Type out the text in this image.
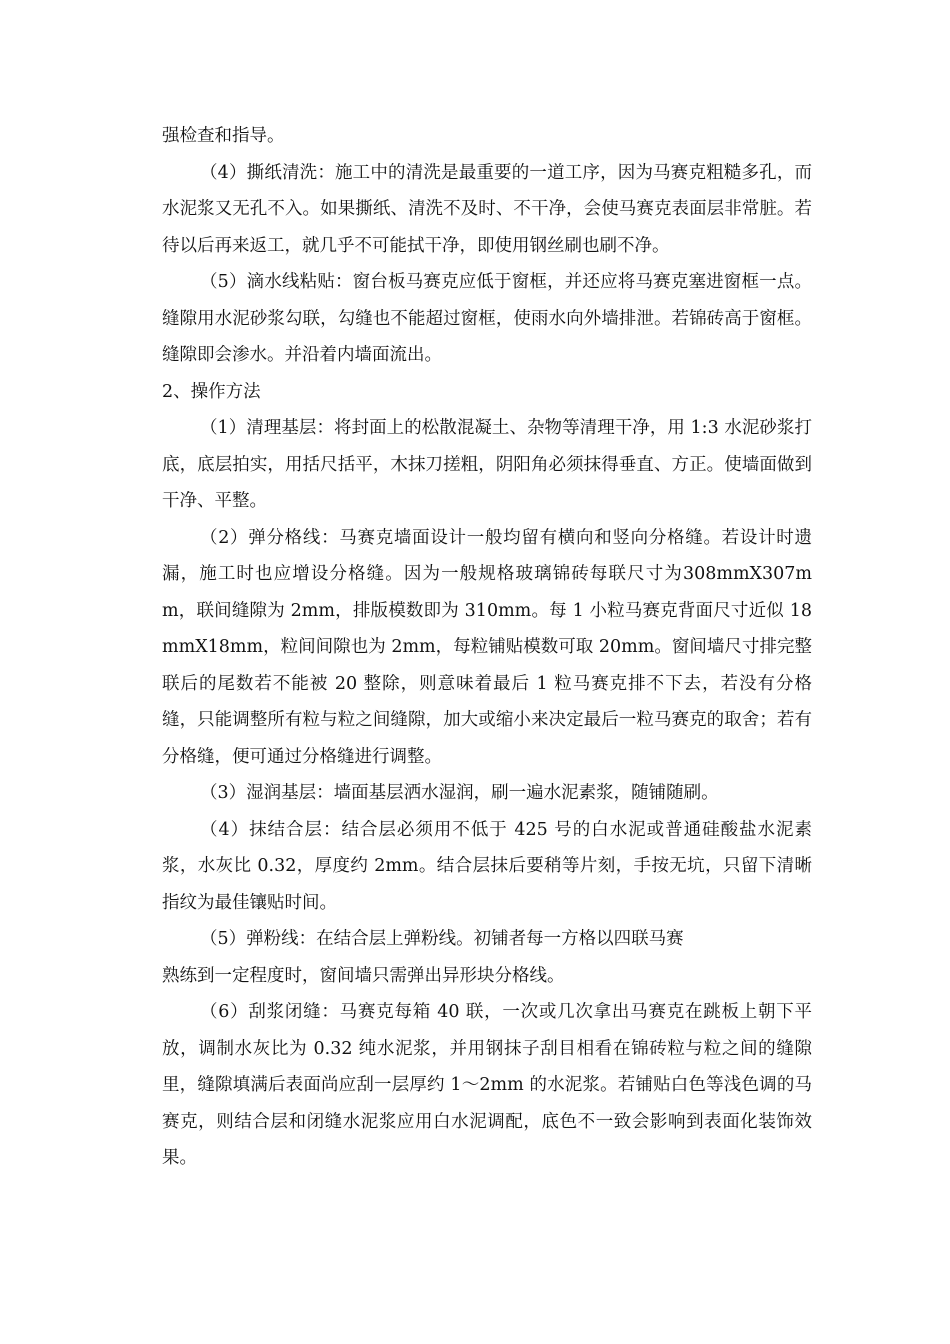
强检查和指导。

（4）撕纸清洗：施工中的清洗是最重要的一道工序，因为马赛克粗糙多孔，而水泥浆又无孔不入。如果撕纸、清洗不及时、不干净，会使马赛克表面层非常脏。若待以后再来返工，就几乎不可能拭干净，即使用钢丝刷也刷不净。

（5）滴水线粘贴：窗台板马赛克应低于窗框，并还应将马赛克塞进窗框一点。缝隙用水泥砂浆勾联，勾缝也不能超过窗框，使雨水向外墙排泄。若锦砖高于窗框。缝隙即会渗水。并沿着内墙面流出。

2、操作方法

（1）清理基层：将封面上的松散混凝土、杂物等清理干净，用 1:3 水泥砂浆打底，底层拍实，用括尺括平，木抹刀搓粗，阴阳角必须抹得垂直、方正。使墙面做到干净、平整。

（2）弹分格线：马赛克墙面设计一般均留有横向和竖向分格缝。若设计时遗漏，施工时也应增设分格缝。因为一般规格玻璃锦砖每联尺寸为308mmX307mm，联间缝隙为 2mm，排版模数即为 310mm。每 1 小粒马赛克背面尺寸近似 18mmX18mm，粒间间隙也为 2mm，每粒铺贴模数可取 20mm。窗间墙尺寸排完整联后的尾数若不能被 20 整除，则意味着最后 1 粒马赛克排不下去，若没有分格缝，只能调整所有粒与粒之间缝隙，加大或缩小来决定最后一粒马赛克的取舍；若有分格缝，便可通过分格缝进行调整。

（3）湿润基层：墙面基层洒水湿润，刷一遍水泥素浆，随铺随刷。

（4）抹结合层：结合层必须用不低于 425 号的白水泥或普通硅酸盐水泥素浆，水灰比 0.32，厚度约 2mm。结合层抹后要稍等片刻，手按无坑，只留下清晰指纹为最佳镶贴时间。

（5）弹粉线：在结合层上弹粉线。初铺者每一方格以四联马赛

熟练到一定程度时，窗间墙只需弹出异形块分格线。

（6）刮浆闭缝：马赛克每箱 40 联，一次或几次拿出马赛克在跳板上朝下平放，调制水灰比为 0.32 纯水泥浆，并用钢抹子刮目相看在锦砖粒与粒之间的缝隙里，缝隙填满后表面尚应刮一层厚约 1～2mm 的水泥浆。若铺贴白色等浅色调的马赛克，则结合层和闭缝水泥浆应用白水泥调配，底色不一致会影响到表面化装饰效果。
